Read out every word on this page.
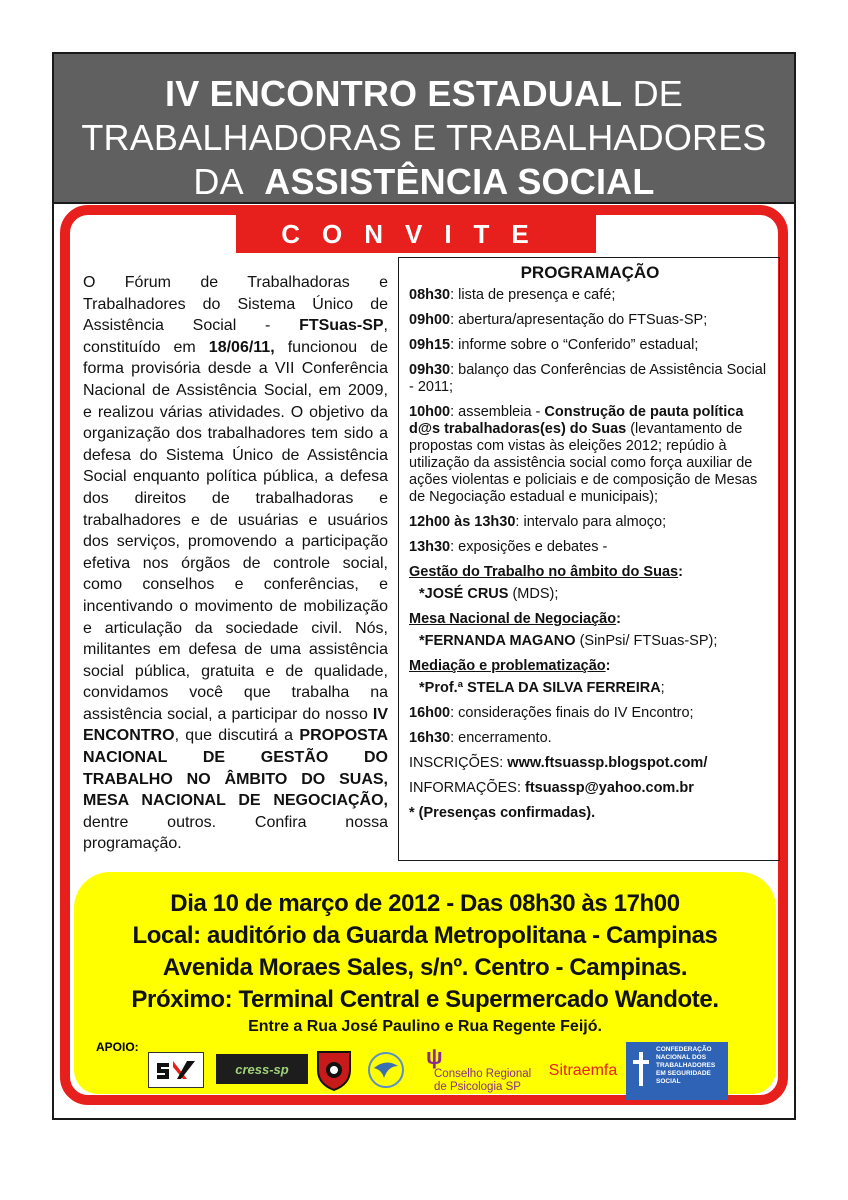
IV ENCONTRO ESTADUAL DE
TRABALHADORAS E TRABALHADORES
DA ASSISTÊNCIA SOCIAL
CONVITE
O Fórum de Trabalhadoras e Trabalhadores do Sistema Único de Assistência Social - FTSuas-SP, constituído em 18/06/11, funcionou de forma provisória desde a VII Conferência Nacional de Assistência Social, em 2009, e realizou várias atividades. O objetivo da organização dos trabalhadores tem sido a defesa do Sistema Único de Assistência Social enquanto política pública, a defesa dos direitos de trabalhadoras e trabalhadores e de usuárias e usuários dos serviços, promovendo a participação efetiva nos órgãos de controle social, como conselhos e conferências, e incentivando o movimento de mobilização e articulação da sociedade civil. Nós, militantes em defesa de uma assistência social pública, gratuita e de qualidade, convidamos você que trabalha na assistência social, a participar do nosso IV ENCONTRO, que discutirá a PROPOSTA NACIONAL DE GESTÃO DO TRABALHO NO ÂMBITO DO SUAS, MESA NACIONAL DE NEGOCIAÇÃO, dentre outros. Confira nossa programação.
PROGRAMAÇÃO
08h30: lista de presença e café;
09h00: abertura/apresentação do FTSuas-SP;
09h15: informe sobre o “Conferido” estadual;
09h30: balanço das Conferências de Assistência Social - 2011;
10h00: assembleia - Construção de pauta política d@s trabalhadoras(es) do Suas (levantamento de propostas com vistas às eleições 2012; repúdio à utilização da assistência social como força auxiliar de ações violentas e policiais e de composição de Mesas de Negociação estadual e municipais);
12h00 às 13h30: intervalo para almoço;
13h30: exposições e debates -
Gestão do Trabalho no âmbito do Suas:
*JOSÉ CRUS (MDS);
Mesa Nacional de Negociação:
*FERNANDA MAGANO (SinPsi/ FTSuas-SP);
Mediação e problematização:
*Prof.ª STELA DA SILVA FERREIRA;
16h00: considerações finais do IV Encontro;
16h30: encerramento.
INSCRIÇÕES: www.ftsuassp.blogspot.com/
INFORMAÇÕES: ftsuassp@yahoo.com.br
* (Presenças confirmadas).
Dia 10 de março de 2012 - Das 08h30 às 17h00
Local: auditório da Guarda Metropolitana - Campinas
Avenida Moraes Sales, s/nº. Centro - Campinas.
Próximo: Terminal Central e Supermercado Wandote.
Entre a Rua José Paulino e Rua Regente Feijó.
APOIO:
cress-sp	ψ
Conselho Regional
de Psicologia SP
Sitraemfa
CONFEDERAÇÃO NACIONAL DOS TRABALHADORES EM SEGURIDADE SOCIAL
